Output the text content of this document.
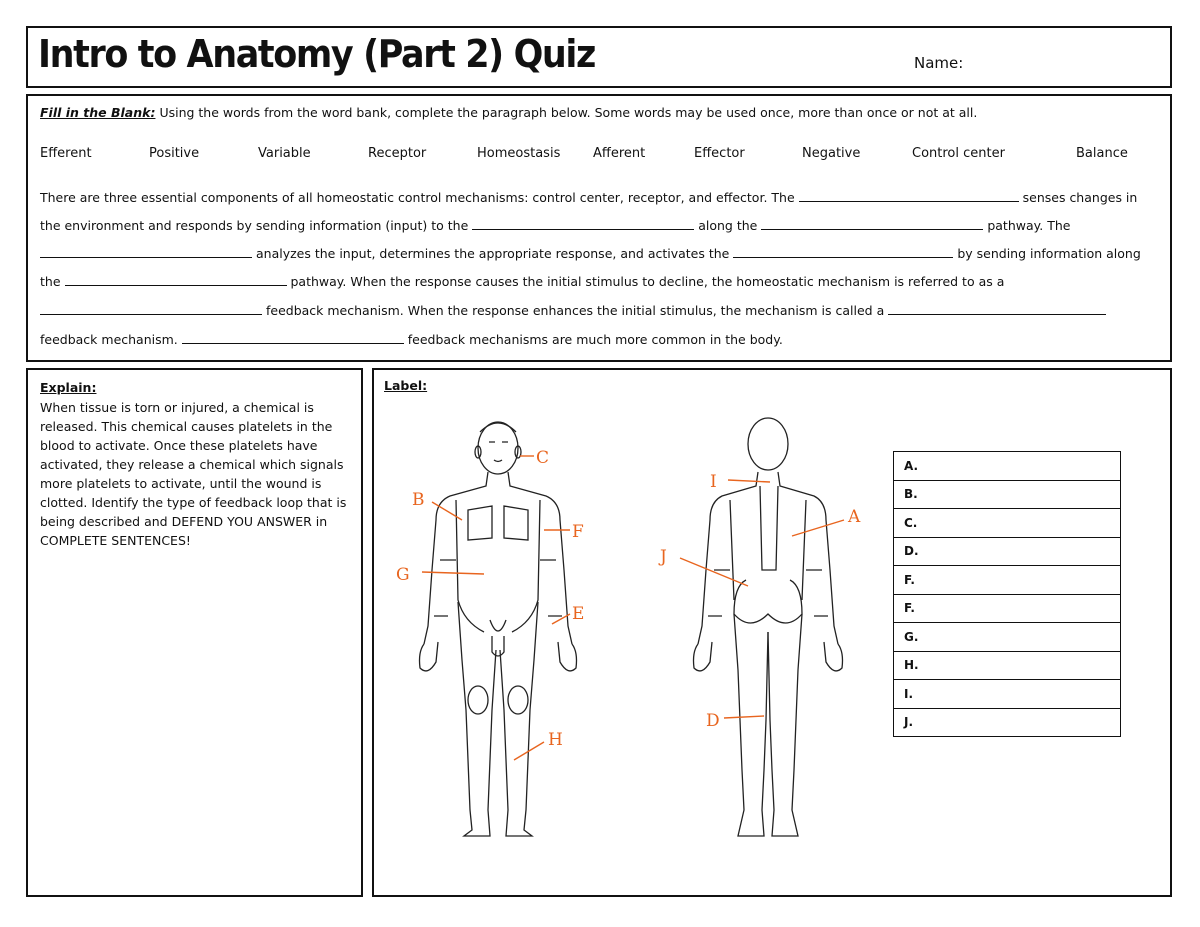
Intro to Anatomy (Part 2) Quiz	Name:
Fill in the Blank: Using the words from the word bank, complete the paragraph below. Some words may be used once, more than once or not at all.
Efferent	Positive	Variable	Receptor	Homeostasis	Afferent	Effector	Negative	Control center	Balance
There are three essential components of all homeostatic control mechanisms: control center, receptor, and effector. The	senses changes in
the environment and responds by sending information (input) to the	along the	pathway. The
analyzes the input, determines the appropriate response, and activates the	by sending information along
the	pathway. When the response causes the initial stimulus to decline, the homeostatic mechanism is referred to as a
feedback mechanism. When the response enhances the initial stimulus, the mechanism is called a
feedback mechanism.	feedback mechanisms are much more common in the body.
Explain:
When tissue is torn or injured, a chemical is released. This chemical causes platelets in the blood to activate. Once these platelets have activated, they release a chemical which signals more platelets to activate, until the wound is clotted. Identify the type of feedback loop that is being described and DEFEND YOU ANSWER in COMPLETE SENTENCES!
Label:
C
B
F
G
E
H
I
A
J
D
A.
B.
C.
D.
F.
F.
G.
H.
I.
J.
